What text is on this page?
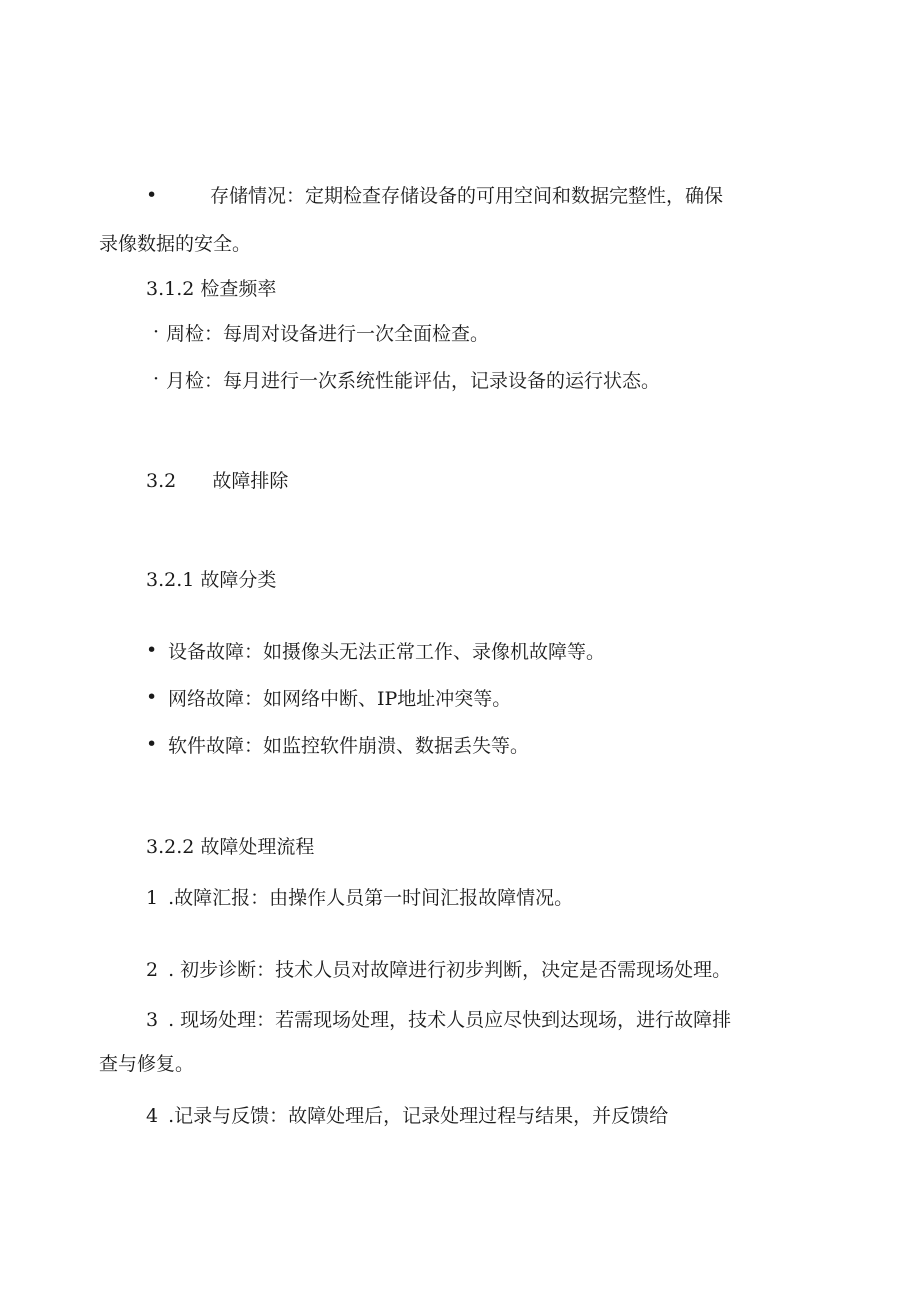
•	存储情况：定期检查存储设备的可用空间和数据完整性，确保
录像数据的安全。
3.1.2 检查频率
· 周检：每周对设备进行一次全面检查。
· 月检：每月进行一次系统性能评估，记录设备的运行状态。
3.2 故障排除
3.2.1 故障分类
• 设备故障：如摄像头无法正常工作、录像机故障等。
• 网络故障：如网络中断、IP地址冲突等。
• 软件故障：如监控软件崩溃、数据丢失等。
3.2.2 故障处理流程
1 .故障汇报：由操作人员第一时间汇报故障情况。
2 . 初步诊断：技术人员对故障进行初步判断，决定是否需现场处理。
3 . 现场处理：若需现场处理，技术人员应尽快到达现场，进行故障排
查与修复。
4 .记录与反馈：故障处理后，记录处理过程与结果，并反馈给
